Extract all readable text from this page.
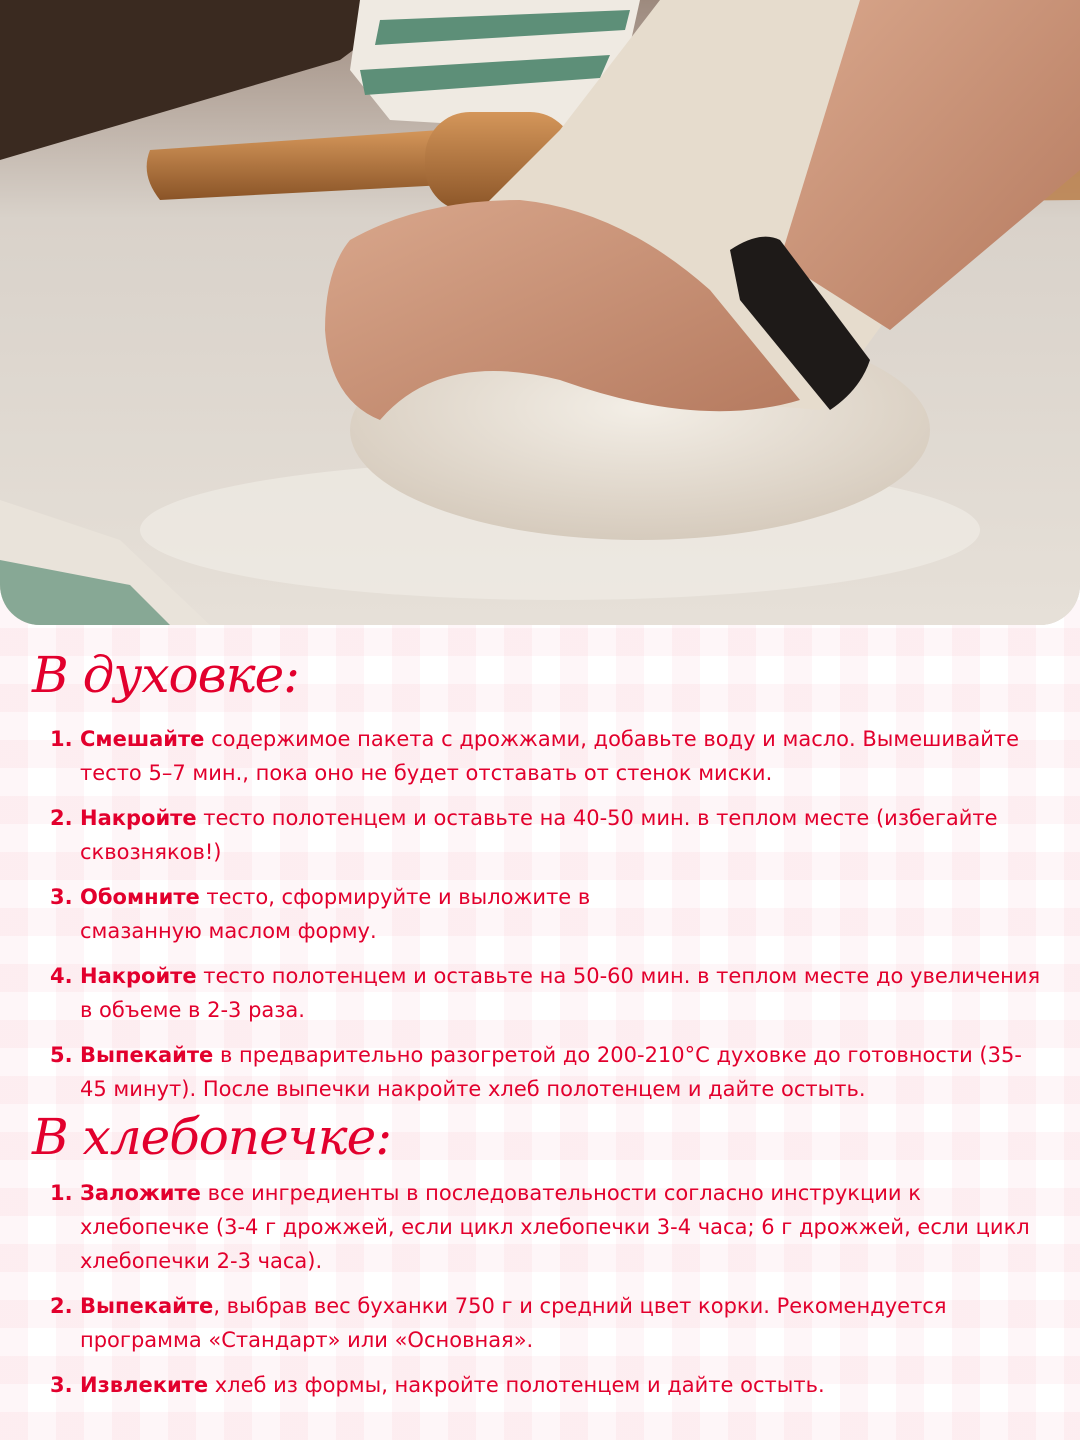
В духовке:
1. Смешайте содержимое пакета с дрожжами, добавьте воду и масло. Вымешивайте тесто 5–7 мин., пока оно не будет отставать от стенок миски.
2. Накройте тесто полотенцем и оставьте на 40-50 мин. в теплом месте (избегайте сквозняков!)
3. Обомните тесто, сформируйте и выложите в смазанную маслом форму.
4. Накройте тесто полотенцем и оставьте на 50-60 мин. в теплом месте до увеличения в объеме в 2-3 раза.
5. Выпекайте в предварительно разогретой до 200-210°С духовке до готовности (35-45 минут). После выпечки накройте хлеб полотенцем и дайте остыть.
В хлебопечке:
1. Заложите все ингредиенты в последовательности согласно инструкции к хлебопечке (3-4 г дрожжей, если цикл хлебопечки 3-4 часа; 6 г дрожжей, если цикл хлебопечки 2-3 часа).
2. Выпекайте, выбрав вес буханки 750 г и средний цвет корки. Рекомендуется программа «Стандарт» или «Основная».
3. Извлеките хлеб из формы, накройте полотенцем и дайте остыть.
